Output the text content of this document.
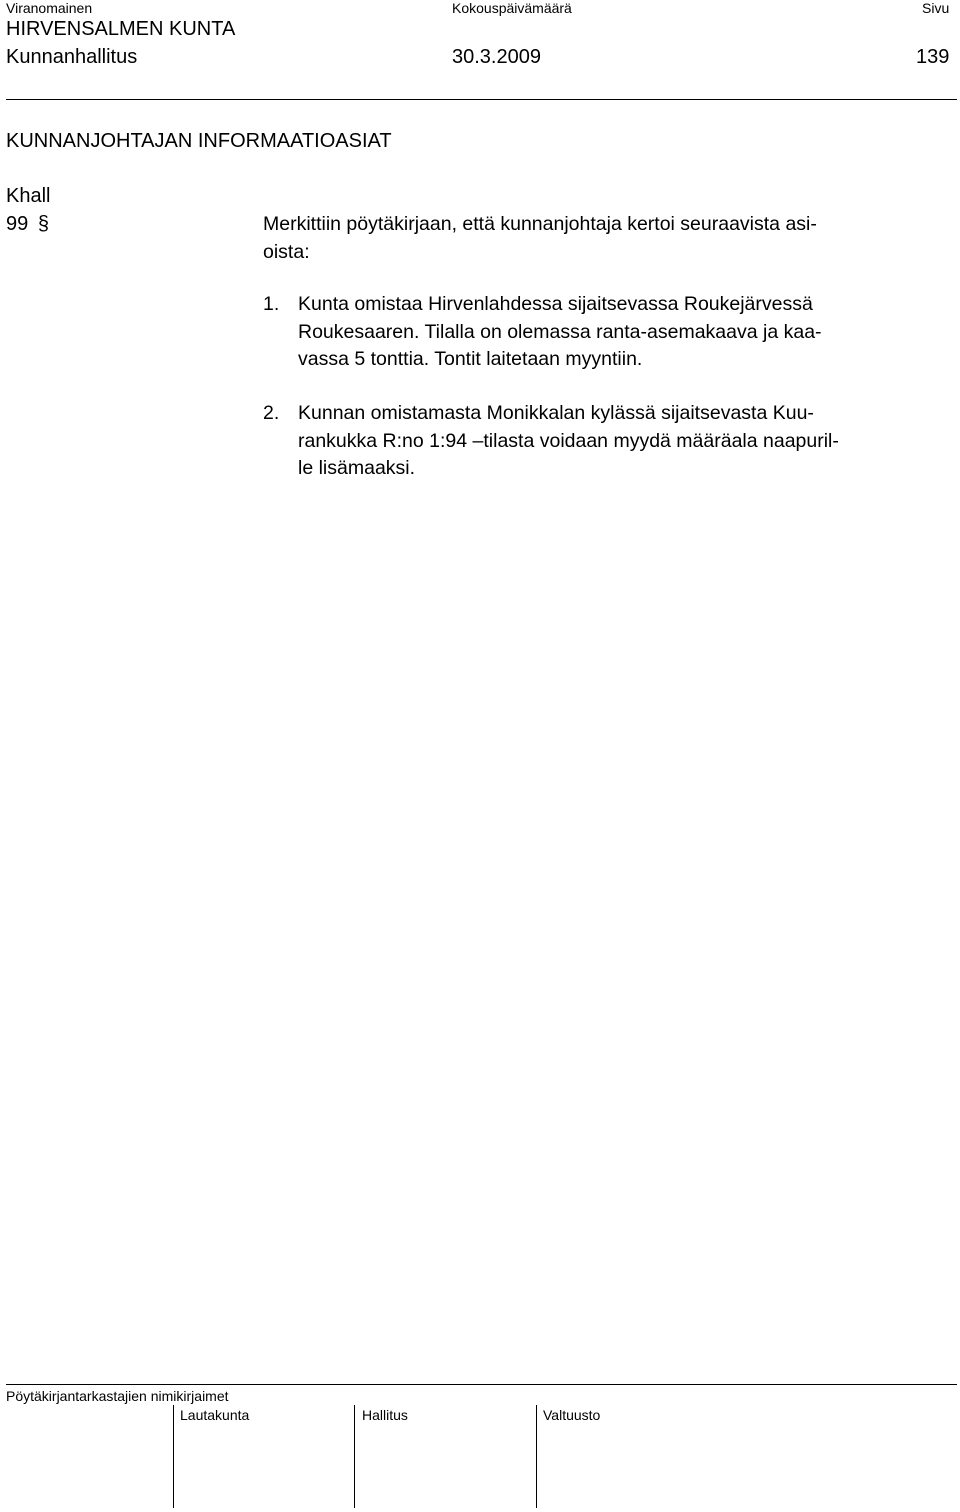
Viranomainen	Kokouspäivämäärä	Sivu
HIRVENSALMEN KUNTA
Kunnanhallitus	30.3.2009	139
KUNNANJOHTAJAN INFORMAATIOASIAT
Khall
99 §	Merkittiin pöytäkirjaan, että kunnanjohtaja kertoi seuraavista asi-
oista:
1. Kunta omistaa Hirvenlahdessa sijaitsevassa Roukejärvessä
Roukesaaren. Tilalla on olemassa ranta-asemakaava ja kaa-
vassa 5 tonttia. Tontit laitetaan myyntiin.
2. Kunnan omistamasta Monikkalan kylässä sijaitsevasta Kuu-
rankukka R:no 1:94 –tilasta voidaan myydä määräala naapuril-
le lisämaaksi.
Pöytäkirjantarkastajien nimikirjaimet
Lautakunta	Hallitus	Valtuusto
